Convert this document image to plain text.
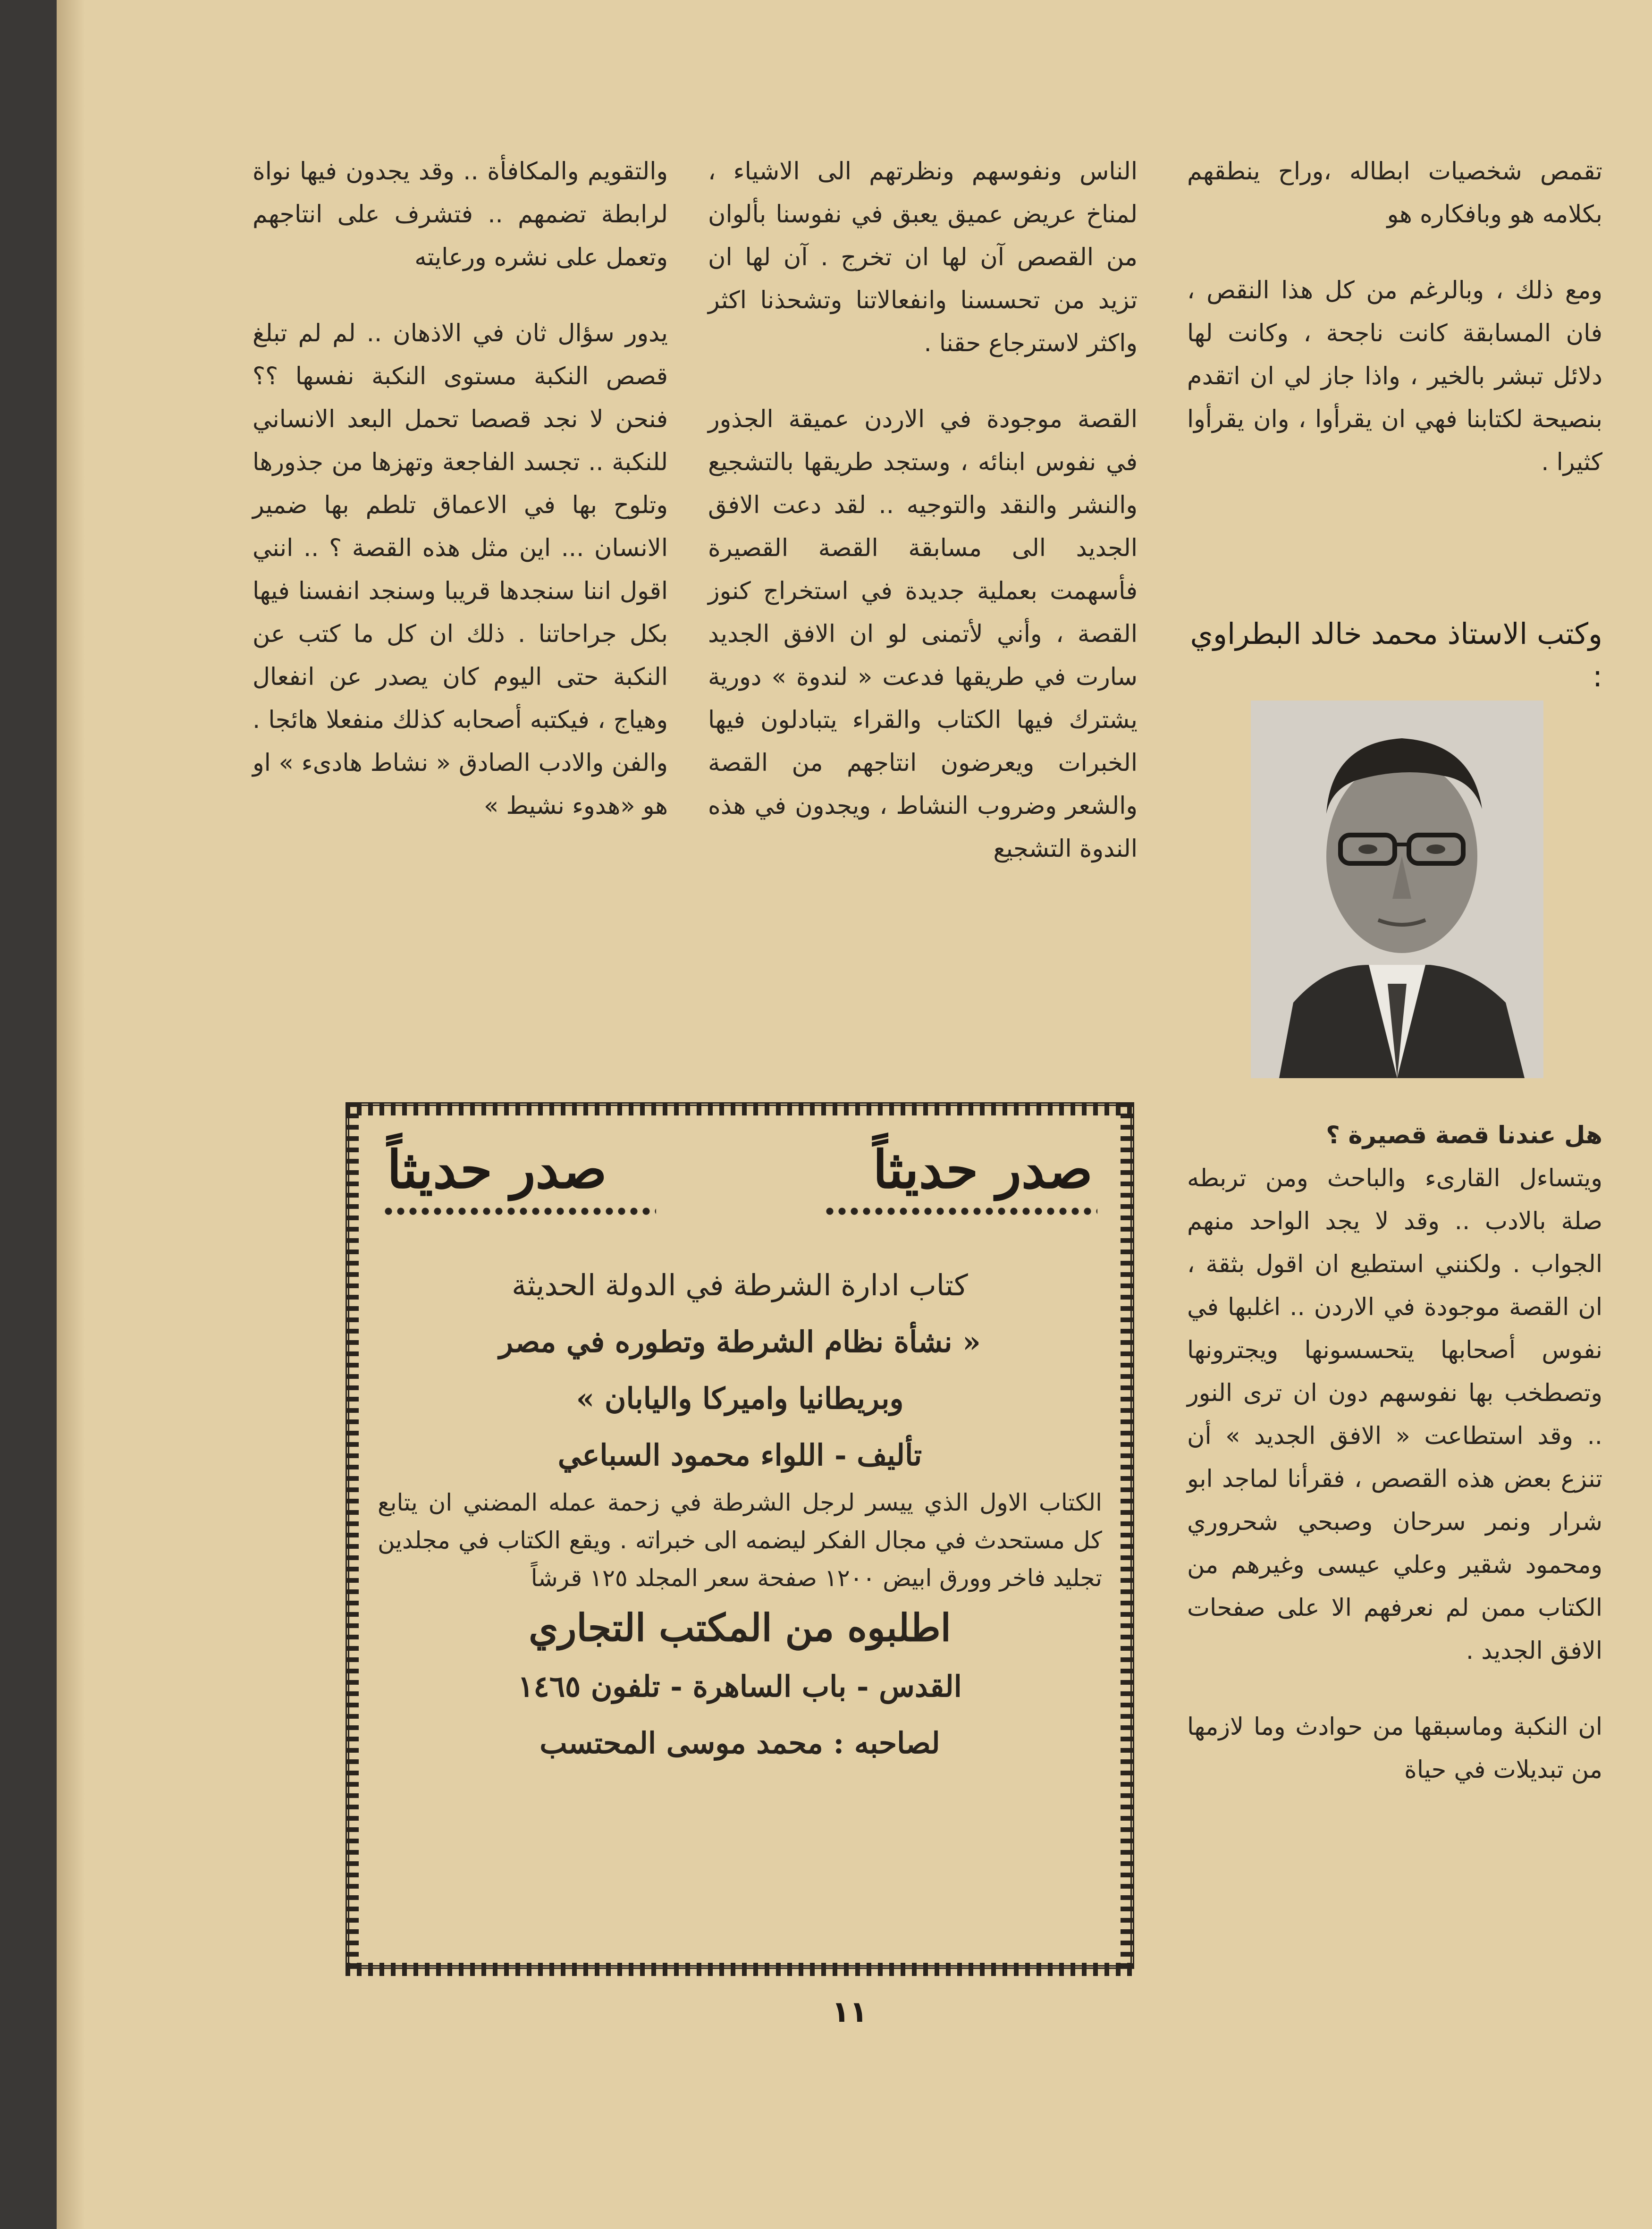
تقمص شخصيات ابطاله ،وراح ينطقهم بكلامه هو وبافكاره هو

ومع ذلك ، وبالرغم من كل هذا النقص ، فان المسابقة كانت ناجحة ، وكانت لها دلائل تبشر بالخير ، واذا جاز لي ان اتقدم بنصيحة لكتابنا فهي ان يقرأوا ، وان يقرأوا كثيرا .

وكتب الاستاذ محمد خالد البطراوي :

هل عندنا قصة قصيرة ؟

ويتساءل القارىء والباحث ومن تربطه صلة بالادب .. وقد لا يجد الواحد منهم الجواب . ولكنني استطيع ان اقول بثقة ، ان القصة موجودة في الاردن .. اغلبها في نفوس أصحابها يتحسسونها ويجترونها وتصطخب بها نفوسهم دون ان ترى النور .. وقد استطاعت « الافق الجديد » أن تنزع بعض هذه القصص ، فقرأنا لماجد ابو شرار ونمر سرحان وصبحي شحروري ومحمود شقير وعلي عيسى وغيرهم من الكتاب ممن لم نعرفهم الا على صفحات الافق الجديد .

ان النكبة وماسبقها من حوادث وما لازمها من تبديلات في حياة

الناس ونفوسهم ونظرتهم الى الاشياء ، لمناخ عريض عميق يعبق في نفوسنا بألوان من القصص آن لها ان تخرج . آن لها ان تزيد من تحسسنا وانفعالاتنا وتشحذنا اكثر واكثر لاسترجاع حقنا .

القصة موجودة في الاردن عميقة الجذور في نفوس ابنائه ، وستجد طريقها بالتشجيع والنشر والنقد والتوجيه .. لقد دعت الافق الجديد الى مسابقة القصة القصيرة فأسهمت بعملية جديدة في استخراج كنوز القصة ، وأني لأتمنى لو ان الافق الجديد سارت في طريقها فدعت « لندوة » دورية يشترك فيها الكتاب والقراء يتبادلون فيها الخبرات ويعرضون انتاجهم من القصة والشعر وضروب النشاط ، ويجدون في هذه الندوة التشجيع

والتقويم والمكافأة .. وقد يجدون فيها نواة لرابطة تضمهم .. فتشرف على انتاجهم وتعمل على نشره ورعايته

يدور سؤال ثان في الاذهان .. لم لم تبلغ قصص النكبة مستوى النكبة نفسها ؟؟ فنحن لا نجد قصصا تحمل البعد الانساني للنكبة .. تجسد الفاجعة وتهزها من جذورها وتلوح بها في الاعماق تلطم بها ضمير الانسان ... اين مثل هذه القصة ؟ .. انني اقول اننا سنجدها قريبا وسنجد انفسنا فيها بكل جراحاتنا . ذلك ان كل ما كتب عن النكبة حتى اليوم كان يصدر عن انفعال وهياج ، فيكتبه أصحابه كذلك منفعلا هائجا . والفن والادب الصادق « نشاط هادىء » او هو «هدوء نشيط »

صدر حديثاً
صدر حديثاً
كتاب ادارة الشرطة في الدولة الحديثة
« نشأة نظام الشرطة وتطوره في مصر
وبريطانيا واميركا واليابان »
تأليف - اللواء محمود السباعي
الكتاب الاول الذي ييسر لرجل الشرطة في زحمة عمله المضني ان يتابع كل مستحدث في مجال الفكر ليضمه الى خبراته . ويقع الكتاب في مجلدين تجليد فاخر وورق ابيض ١٢٠٠ صفحة سعر المجلد ١٢٥ قرشاً
اطلبوه من المكتب التجاري
القدس - باب الساهرة - تلفون ١٤٦٥
لصاحبه : محمد موسى المحتسب
١١
